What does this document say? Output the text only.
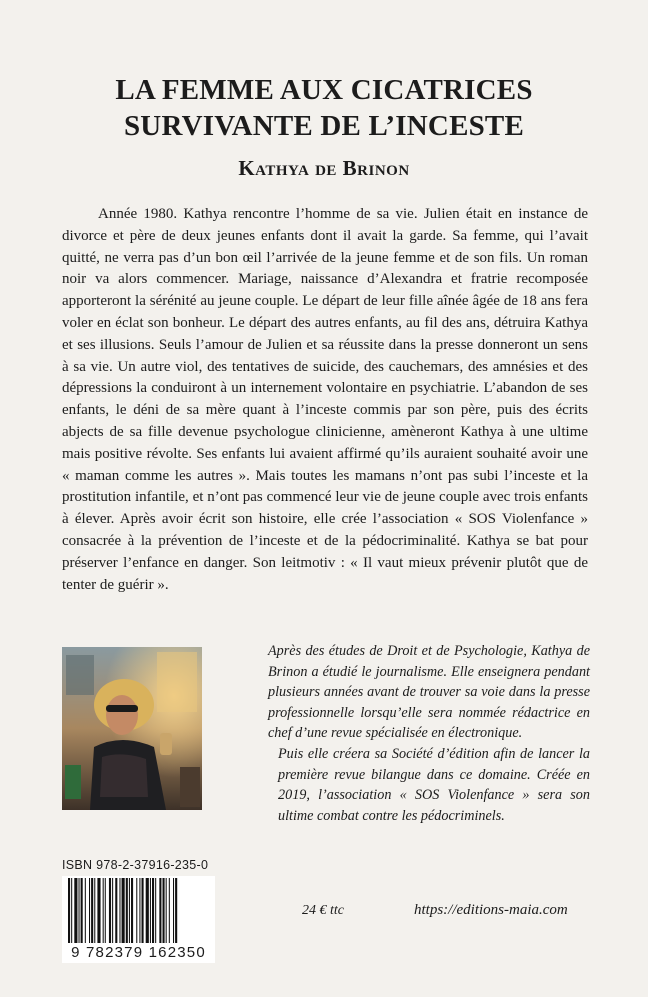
LA FEMME AUX CICATRICES
SURVIVANTE DE L’INCESTE
Kathya de Brinon

Année 1980. Kathya rencontre l’homme de sa vie. Julien était en instance de divorce et père de deux jeunes enfants dont il avait la garde. Sa femme, qui l’avait quitté, ne verra pas d’un bon œil l’arrivée de la jeune femme et de son fils. Un roman noir va alors commencer. Mariage, naissance d’Alexandra et fratrie recomposée apporteront la sérénité au jeune couple. Le départ de leur fille aînée âgée de 18 ans fera voler en éclat son bonheur. Le départ des autres enfants, au fil des ans, détruira Kathya et ses illusions. Seuls l’amour de Julien et sa réussite dans la presse donneront un sens à sa vie. Un autre viol, des tentatives de suicide, des cauchemars, des amnésies et des dépressions la conduiront à un internement volontaire en psychiatrie. L’abandon de ses enfants, le déni de sa mère quant à l’inceste commis par son père, puis des écrits abjects de sa fille devenue psychologue clinicienne, amèneront Kathya à une ultime mais positive révolte. Ses enfants lui avaient affirmé qu’ils auraient souhaité avoir une « maman comme les autres ». Mais toutes les mamans n’ont pas subi l’inceste et la prostitution infantile, et n’ont pas commencé leur vie de jeune couple avec trois enfants à élever. Après avoir écrit son histoire, elle crée l’association « SOS Violenfance » consacrée à la prévention de l’inceste et de la pédocriminalité. Kathya se bat pour préserver l’enfance en danger. Son leitmotiv : « Il vaut mieux prévenir plutôt que de tenter de guérir ».

Après des études de Droit et de Psychologie, Kathya de Brinon a étudié le journalisme. Elle enseignera pendant plusieurs années avant de trouver sa voie dans la presse professionnelle lorsqu’elle sera nommée rédactrice en chef d’une revue spécialisée en électronique.

Puis elle créera sa Société d’édition afin de lancer la première revue bilangue dans ce domaine. Créée en 2019, l’association « SOS Violenfance » sera son ultime combat contre les pédocriminels.

ISBN 978-2-37916-235-0
9 782379 162350
24 € ttc	https://editions-maia.com
